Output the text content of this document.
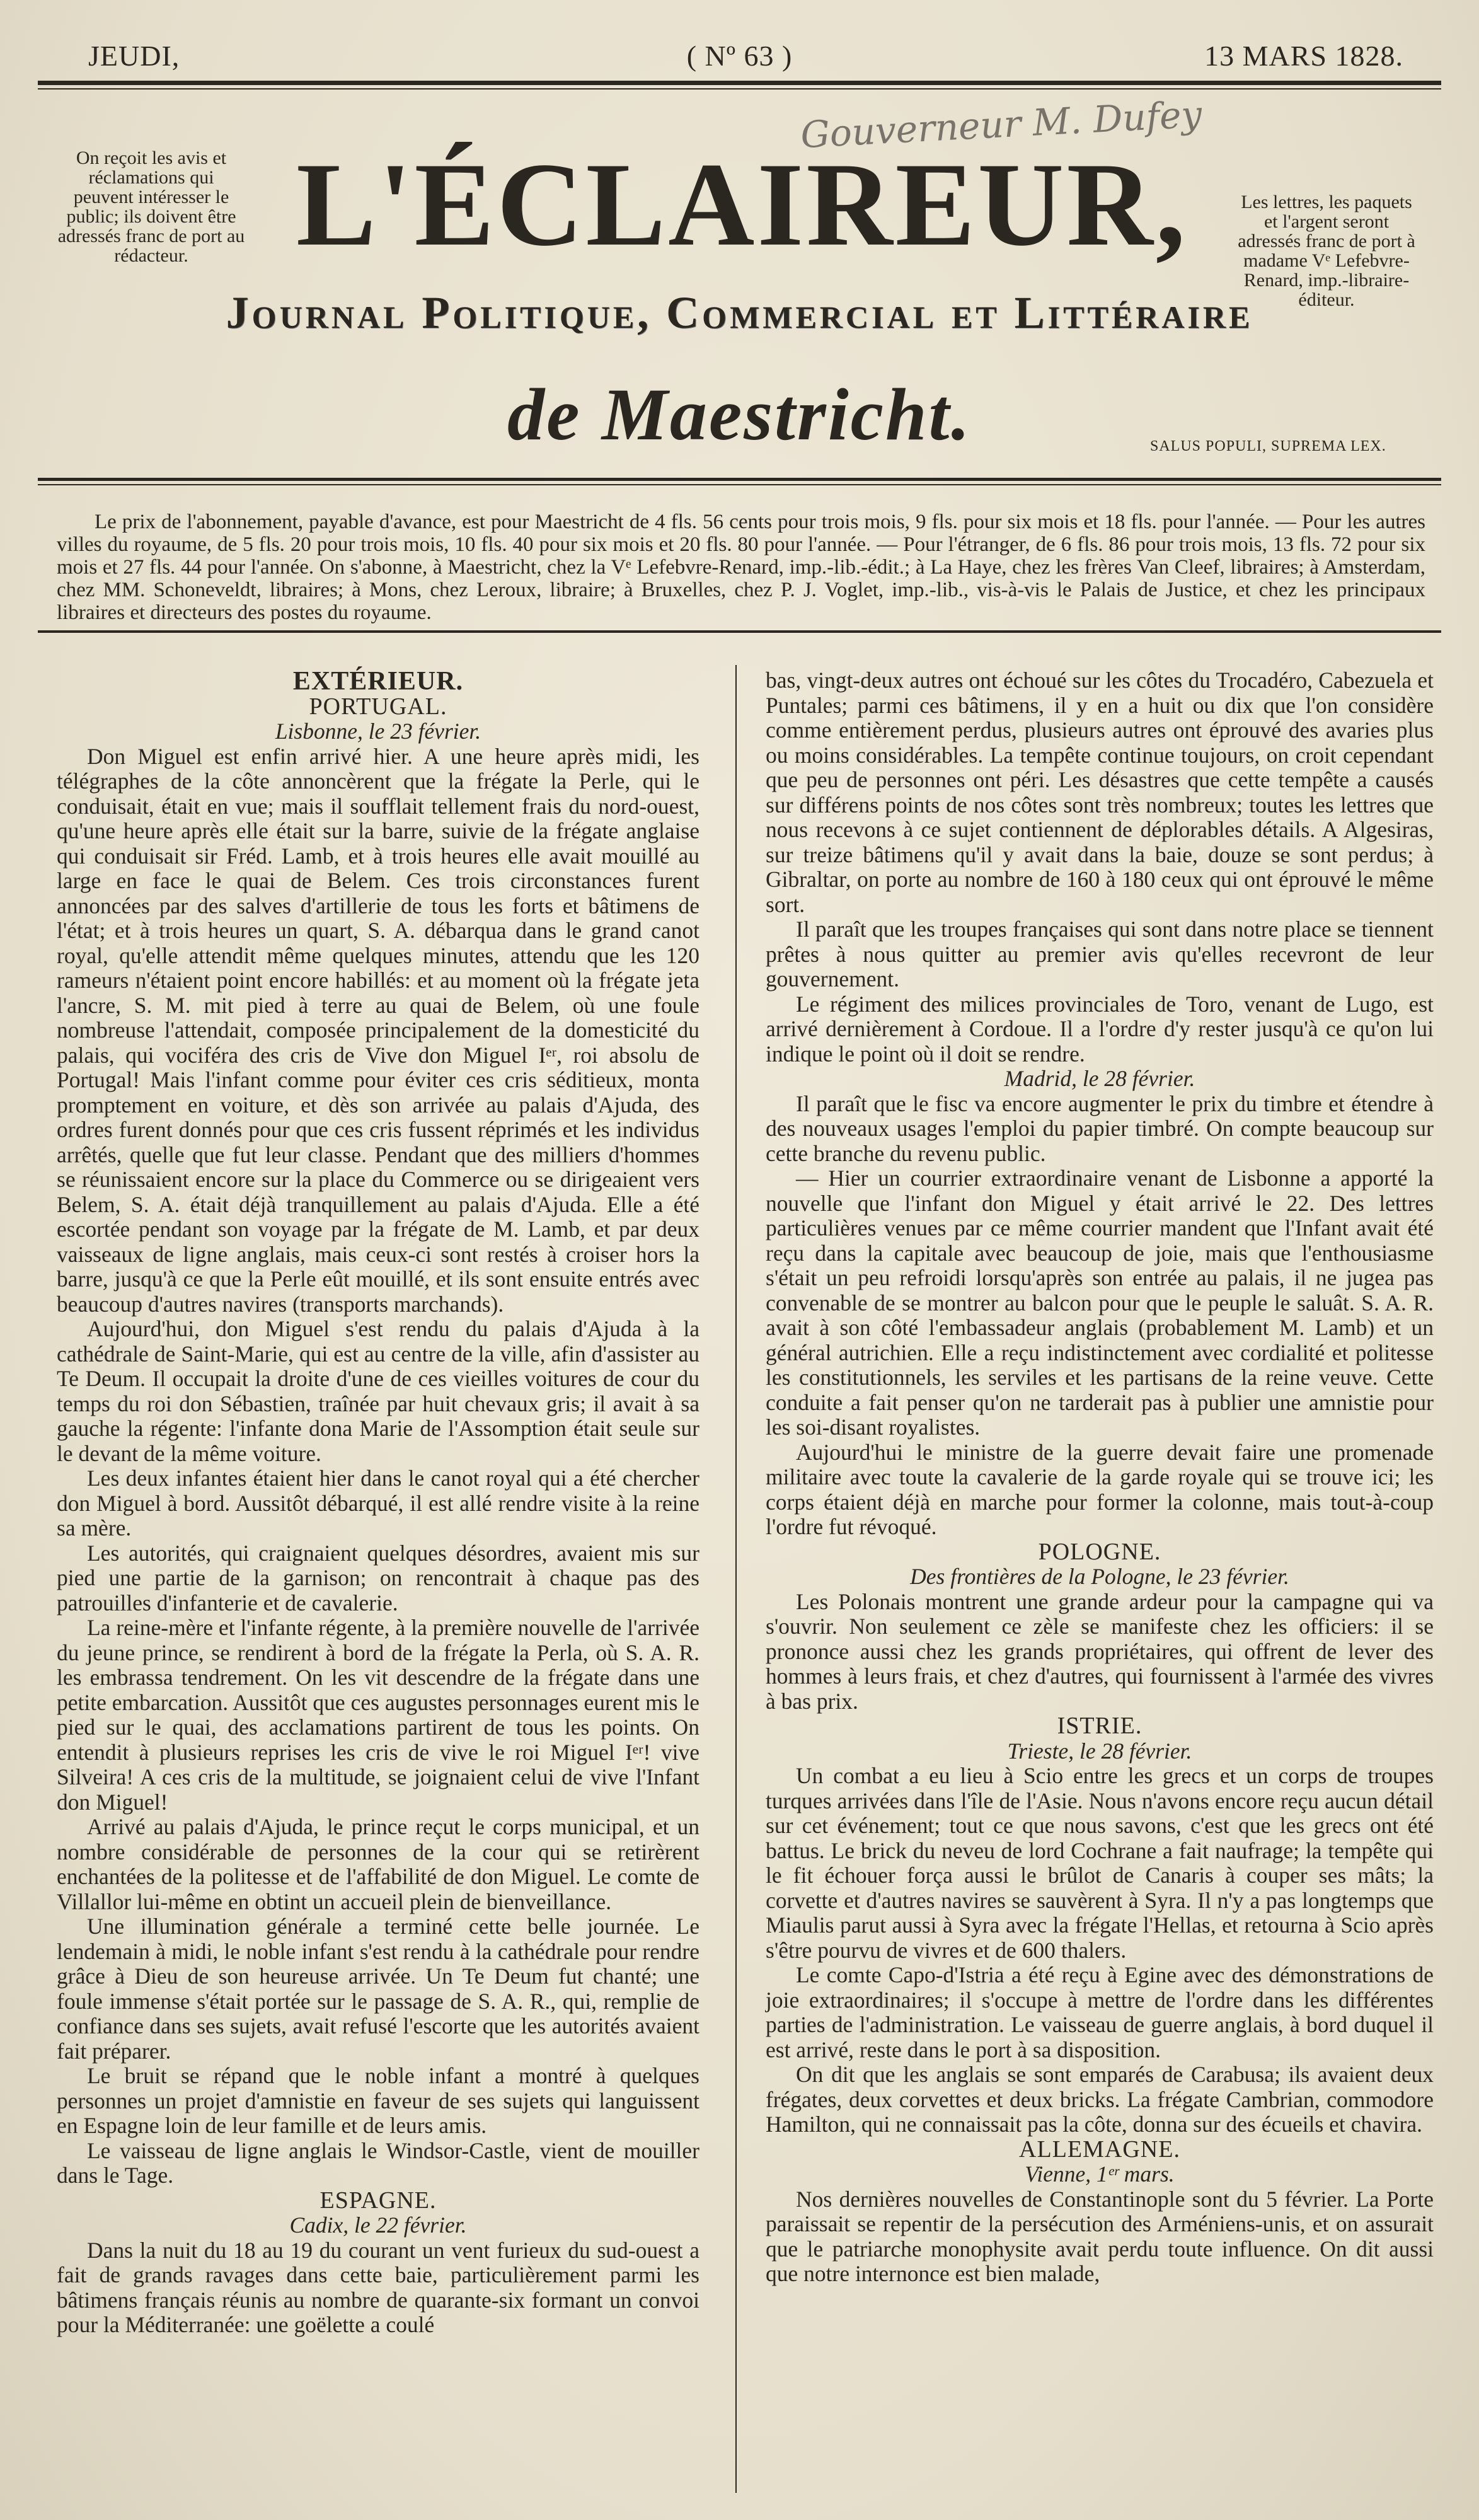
JEUDI,	( Nº 63 )	13 MARS 1828.
On reçoit les avis et réclamations qui peuvent intéresser le public; ils doivent être adressés franc de port au rédacteur.
Les lettres, les paquets et l'argent seront adressés franc de port à madame Vᵉ Lefebvre-Renard, imp.-libraire-éditeur.
Gouverneur M. Dufey
L'ÉCLAIREUR,
Journal Politique, Commercial et Littéraire
de Maestricht.	SALUS POPULI, SUPREMA LEX.
Le prix de l'abonnement, payable d'avance, est pour Maestricht de 4 fls. 56 cents pour trois mois, 9 fls. pour six mois et 18 fls. pour l'année. — Pour les autres villes du royaume, de 5 fls. 20 pour trois mois, 10 fls. 40 pour six mois et 20 fls. 80 pour l'année. — Pour l'étranger, de 6 fls. 86 pour trois mois, 13 fls. 72 pour six mois et 27 fls. 44 pour l'année. On s'abonne, à Maestricht, chez la Vᵉ Lefebvre-Renard, imp.-lib.-édit.; à La Haye, chez les frères Van Cleef, libraires; à Amsterdam, chez MM. Schoneveldt, libraires; à Mons, chez Leroux, libraire; à Bruxelles, chez P. J. Voglet, imp.-lib., vis-à-vis le Palais de Justice, et chez les principaux libraires et directeurs des postes du royaume.

EXTÉRIEUR.

PORTUGAL.

Lisbonne, le 23 février.

Don Miguel est enfin arrivé hier. A une heure après midi, les télégraphes de la côte annoncèrent que la frégate la Perle, qui le conduisait, était en vue; mais il soufflait tellement frais du nord-ouest, qu'une heure après elle était sur la barre, suivie de la frégate anglaise qui conduisait sir Fréd. Lamb, et à trois heures elle avait mouillé au large en face le quai de Belem. Ces trois circonstances furent annoncées par des salves d'artillerie de tous les forts et bâtimens de l'état; et à trois heures un quart, S. A. débarqua dans le grand canot royal, qu'elle attendit même quelques minutes, attendu que les 120 rameurs n'étaient point encore habillés: et au moment où la frégate jeta l'ancre, S. M. mit pied à terre au quai de Belem, où une foule nombreuse l'attendait, composée principalement de la domesticité du palais, qui vociféra des cris de Vive don Miguel Iᵉʳ, roi absolu de Portugal! Mais l'infant comme pour éviter ces cris séditieux, monta promptement en voiture, et dès son arrivée au palais d'Ajuda, des ordres furent donnés pour que ces cris fussent réprimés et les individus arrêtés, quelle que fut leur classe. Pendant que des milliers d'hommes se réunissaient encore sur la place du Commerce ou se dirigeaient vers Belem, S. A. était déjà tranquillement au palais d'Ajuda. Elle a été escortée pendant son voyage par la frégate de M. Lamb, et par deux vaisseaux de ligne anglais, mais ceux-ci sont restés à croiser hors la barre, jusqu'à ce que la Perle eût mouillé, et ils sont ensuite entrés avec beaucoup d'autres navires (transports marchands).

Aujourd'hui, don Miguel s'est rendu du palais d'Ajuda à la cathédrale de Saint-Marie, qui est au centre de la ville, afin d'assister au Te Deum. Il occupait la droite d'une de ces vieilles voitures de cour du temps du roi don Sébastien, traînée par huit chevaux gris; il avait à sa gauche la régente: l'infante dona Marie de l'Assomption était seule sur le devant de la même voiture.

Les deux infantes étaient hier dans le canot royal qui a été chercher don Miguel à bord. Aussitôt débarqué, il est allé rendre visite à la reine sa mère.

Les autorités, qui craignaient quelques désordres, avaient mis sur pied une partie de la garnison; on rencontrait à chaque pas des patrouilles d'infanterie et de cavalerie.

La reine-mère et l'infante régente, à la première nouvelle de l'arrivée du jeune prince, se rendirent à bord de la frégate la Perla, où S. A. R. les embrassa tendrement. On les vit descendre de la frégate dans une petite embarcation. Aussitôt que ces augustes personnages eurent mis le pied sur le quai, des acclamations partirent de tous les points. On entendit à plusieurs reprises les cris de vive le roi Miguel Iᵉʳ! vive Silveira! A ces cris de la multitude, se joignaient celui de vive l'Infant don Miguel!

Arrivé au palais d'Ajuda, le prince reçut le corps municipal, et un nombre considérable de personnes de la cour qui se retirèrent enchantées de la politesse et de l'affabilité de don Miguel. Le comte de Villallor lui-même en obtint un accueil plein de bienveillance.

Une illumination générale a terminé cette belle journée. Le lendemain à midi, le noble infant s'est rendu à la cathédrale pour rendre grâce à Dieu de son heureuse arrivée. Un Te Deum fut chanté; une foule immense s'était portée sur le passage de S. A. R., qui, remplie de confiance dans ses sujets, avait refusé l'escorte que les autorités avaient fait préparer.

Le bruit se répand que le noble infant a montré à quelques personnes un projet d'amnistie en faveur de ses sujets qui languissent en Espagne loin de leur famille et de leurs amis.

Le vaisseau de ligne anglais le Windsor-Castle, vient de mouiller dans le Tage.

ESPAGNE.

Cadix, le 22 février.

Dans la nuit du 18 au 19 du courant un vent furieux du sud-ouest a fait de grands ravages dans cette baie, particulièrement parmi les bâtimens français réunis au nombre de quarante-six formant un convoi pour la Méditerranée: une goëlette a coulé

bas, vingt-deux autres ont échoué sur les côtes du Trocadéro, Cabezuela et Puntales; parmi ces bâtimens, il y en a huit ou dix que l'on considère comme entièrement perdus, plusieurs autres ont éprouvé des avaries plus ou moins considérables. La tempête continue toujours, on croit cependant que peu de personnes ont péri. Les désastres que cette tempête a causés sur différens points de nos côtes sont très nombreux; toutes les lettres que nous recevons à ce sujet contiennent de déplorables détails. A Algesiras, sur treize bâtimens qu'il y avait dans la baie, douze se sont perdus; à Gibraltar, on porte au nombre de 160 à 180 ceux qui ont éprouvé le même sort.

Il paraît que les troupes françaises qui sont dans notre place se tiennent prêtes à nous quitter au premier avis qu'elles recevront de leur gouvernement.

Le régiment des milices provinciales de Toro, venant de Lugo, est arrivé dernièrement à Cordoue. Il a l'ordre d'y rester jusqu'à ce qu'on lui indique le point où il doit se rendre.

Madrid, le 28 février.

Il paraît que le fisc va encore augmenter le prix du timbre et étendre à des nouveaux usages l'emploi du papier timbré. On compte beaucoup sur cette branche du revenu public.

— Hier un courrier extraordinaire venant de Lisbonne a apporté la nouvelle que l'infant don Miguel y était arrivé le 22. Des lettres particulières venues par ce même courrier mandent que l'Infant avait été reçu dans la capitale avec beaucoup de joie, mais que l'enthousiasme s'était un peu refroidi lorsqu'après son entrée au palais, il ne jugea pas convenable de se montrer au balcon pour que le peuple le saluât. S. A. R. avait à son côté l'embassadeur anglais (probablement M. Lamb) et un général autrichien. Elle a reçu indistinctement avec cordialité et politesse les constitutionnels, les serviles et les partisans de la reine veuve. Cette conduite a fait penser qu'on ne tarderait pas à publier une amnistie pour les soi-disant royalistes.

Aujourd'hui le ministre de la guerre devait faire une promenade militaire avec toute la cavalerie de la garde royale qui se trouve ici; les corps étaient déjà en marche pour former la colonne, mais tout-à-coup l'ordre fut révoqué.

POLOGNE.

Des frontières de la Pologne, le 23 février.

Les Polonais montrent une grande ardeur pour la campagne qui va s'ouvrir. Non seulement ce zèle se manifeste chez les officiers: il se prononce aussi chez les grands propriétaires, qui offrent de lever des hommes à leurs frais, et chez d'autres, qui fournissent à l'armée des vivres à bas prix.

ISTRIE.

Trieste, le 28 février.

Un combat a eu lieu à Scio entre les grecs et un corps de troupes turques arrivées dans l'île de l'Asie. Nous n'avons encore reçu aucun détail sur cet événement; tout ce que nous savons, c'est que les grecs ont été battus. Le brick du neveu de lord Cochrane a fait naufrage; la tempête qui le fit échouer força aussi le brûlot de Canaris à couper ses mâts; la corvette et d'autres navires se sauvèrent à Syra. Il n'y a pas longtemps que Miaulis parut aussi à Syra avec la frégate l'Hellas, et retourna à Scio après s'être pourvu de vivres et de 600 thalers.

Le comte Capo-d'Istria a été reçu à Egine avec des démonstrations de joie extraordinaires; il s'occupe à mettre de l'ordre dans les différentes parties de l'administration. Le vaisseau de guerre anglais, à bord duquel il est arrivé, reste dans le port à sa disposition.

On dit que les anglais se sont emparés de Carabusa; ils avaient deux frégates, deux corvettes et deux bricks. La frégate Cambrian, commodore Hamilton, qui ne connaissait pas la côte, donna sur des écueils et chavira.

ALLEMAGNE.

Vienne, 1ᵉʳ mars.

Nos dernières nouvelles de Constantinople sont du 5 février. La Porte paraissait se repentir de la persécution des Arméniens-unis, et on assurait que le patriarche monophysite avait perdu toute influence. On dit aussi que notre internonce est bien malade,
